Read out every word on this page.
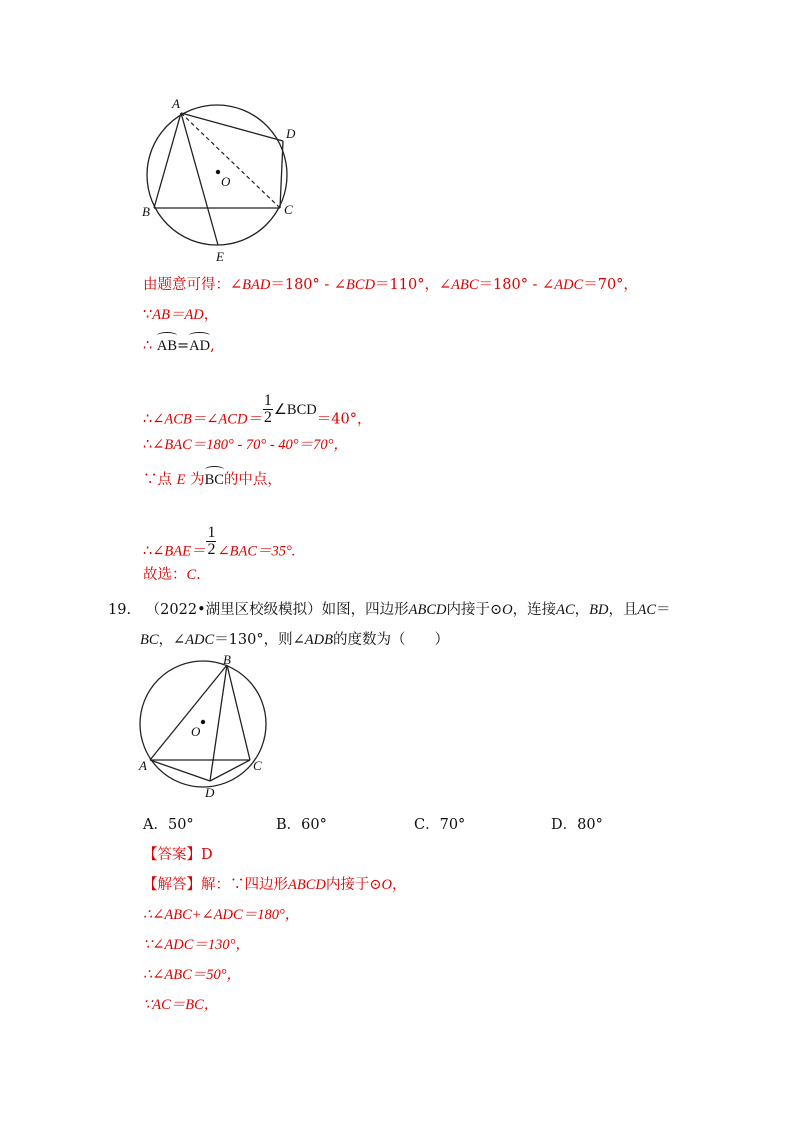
A
D
O
B	C
E
由题意可得：∠BAD＝180° - ∠BCD＝110°，∠ABC＝180° - ∠ADC＝70°，
∵AB＝AD，
∴ AB=AD,
∴∠ACB＝∠ACD＝ $\frac{1}{2}$ ∠BCD＝40°，
∴∠BAC＝180° - 70° - 40°＝70°，
∵点 E 为BC的中点，
∴∠BAE＝ $\frac{1}{2}$ ∠BAC＝35°.
故选：C.
19. （2022•湖里区校级模拟）如图，四边形ABCD内接于⊙O，连接AC，BD，且AC＝
BC，∠ADC＝130°，则∠ADB的度数为（　　）
B
O
A	C
D
A．50°	B．60°	C．70°	D．80°
【答案】D
【解答】解：∵四边形ABCD内接于⊙O，
∴∠ABC+∠ADC＝180°，
∵∠ADC＝130°，
∴∠ABC＝50°，
∵AC＝BC，
